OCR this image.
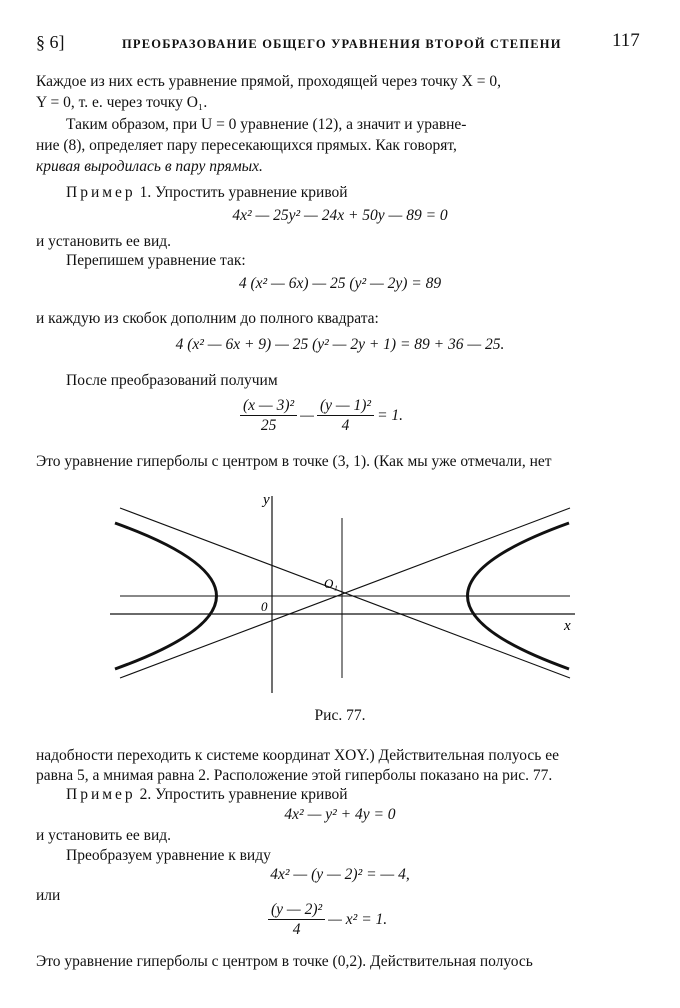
§ 6]	ПРЕОБРАЗОВАНИЕ ОБЩЕГО УРАВНЕНИЯ ВТОРОЙ СТЕПЕНИ	117
Каждое из них есть уравнение прямой, проходящей через точку X = 0,
Y = 0, т. е. через точку O₁.
Таким образом, при U = 0 уравнение (12), а значит и уравне-
ние (8), определяет пару пересекающихся прямых. Как говорят,
кривая выродилась в пару прямых.
Пример 1. Упростить уравнение кривой
4x² — 25y² — 24x + 50y — 89 = 0
и установить ее вид.
Перепишем уравнение так:
4 (x² — 6x) — 25 (y² — 2y) = 89
и каждую из скобок дополним до полного квадрата:
4 (x² — 6x + 9) — 25 (y² — 2y + 1) = 89 + 36 — 25.
После преобразований получим
$\frac{\text{(x — 3)²}}{25}$ — $\frac{\text{(y — 1)²}}{4} = 1$.
Это уравнение гиперболы с центром в точке (3, 1). (Как мы уже отмечали, нет
y
x
0
O₁
Рис. 77.
надобности переходить к системе координат XOY.) Действительная полуось ее
равна 5, а мнимая равна 2. Расположение этой гиперболы показано на рис. 77.
Пример 2. Упростить уравнение кривой
4x² — y² + 4y = 0
и установить ее вид.
Преобразуем уравнение к виду
4x² — (y — 2)² = — 4,
или
$\frac{\text{(y — 2)²}}{4}$ — x² = 1.
Это уравнение гиперболы с центром в точке (0,2). Действительная полуось
